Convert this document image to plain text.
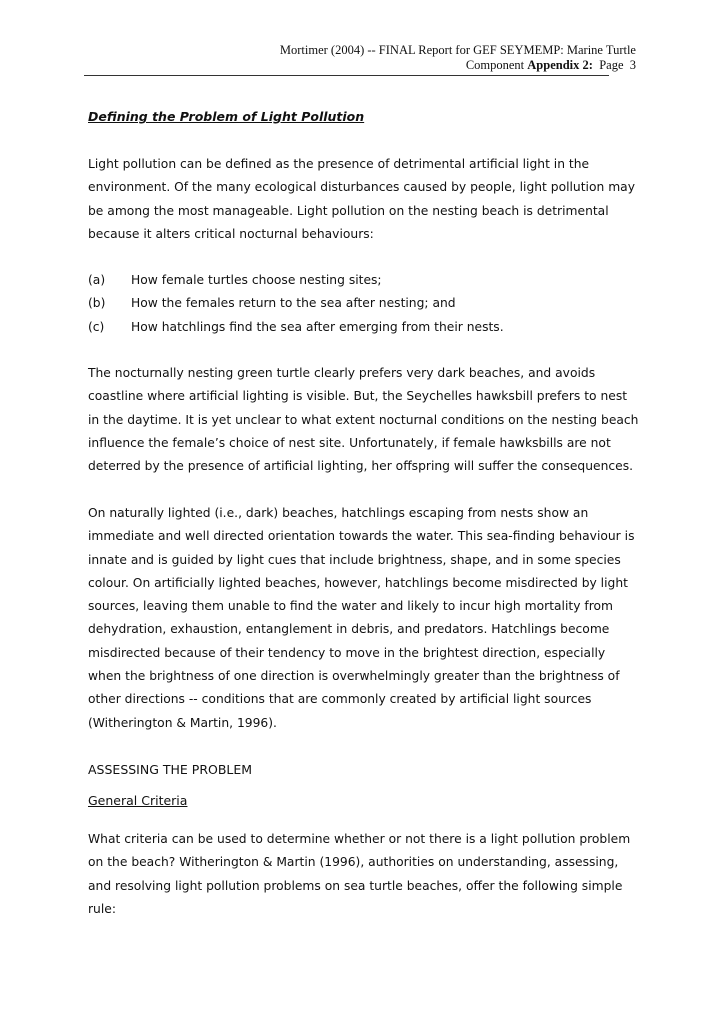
Mortimer (2004) -- FINAL Report for GEF SEYMEMP: Marine Turtle
Component Appendix 2:  Page  3
Defining the Problem of Light Pollution
Light pollution can be defined as the presence of detrimental artificial light in the environment. Of the many ecological disturbances caused by people, light pollution may be among the most manageable. Light pollution on the nesting beach is detrimental because it alters critical nocturnal behaviours:
(a) How female turtles choose nesting sites;
(b) How the females return to the sea after nesting; and
(c) How hatchlings find the sea after emerging from their nests.
The nocturnally nesting green turtle clearly prefers very dark beaches, and avoids coastline where artificial lighting is visible. But, the Seychelles hawksbill prefers to nest in the daytime. It is yet unclear to what extent nocturnal conditions on the nesting beach influence the female’s choice of nest site. Unfortunately, if female hawksbills are not deterred by the presence of artificial lighting, her offspring will suffer the consequences.
On naturally lighted (i.e., dark) beaches, hatchlings escaping from nests show an immediate and well directed orientation towards the water. This sea-finding behaviour is innate and is guided by light cues that include brightness, shape, and in some species colour. On artificially lighted beaches, however, hatchlings become misdirected by light sources, leaving them unable to find the water and likely to incur high mortality from dehydration, exhaustion, entanglement in debris, and predators. Hatchlings become misdirected because of their tendency to move in the brightest direction, especially when the brightness of one direction is overwhelmingly greater than the brightness of other directions -- conditions that are commonly created by artificial light sources (Witherington & Martin, 1996).
ASSESSING THE PROBLEM
General Criteria
What criteria can be used to determine whether or not there is a light pollution problem on the beach? Witherington & Martin (1996), authorities on understanding, assessing, and resolving light pollution problems on sea turtle beaches, offer the following simple rule:
